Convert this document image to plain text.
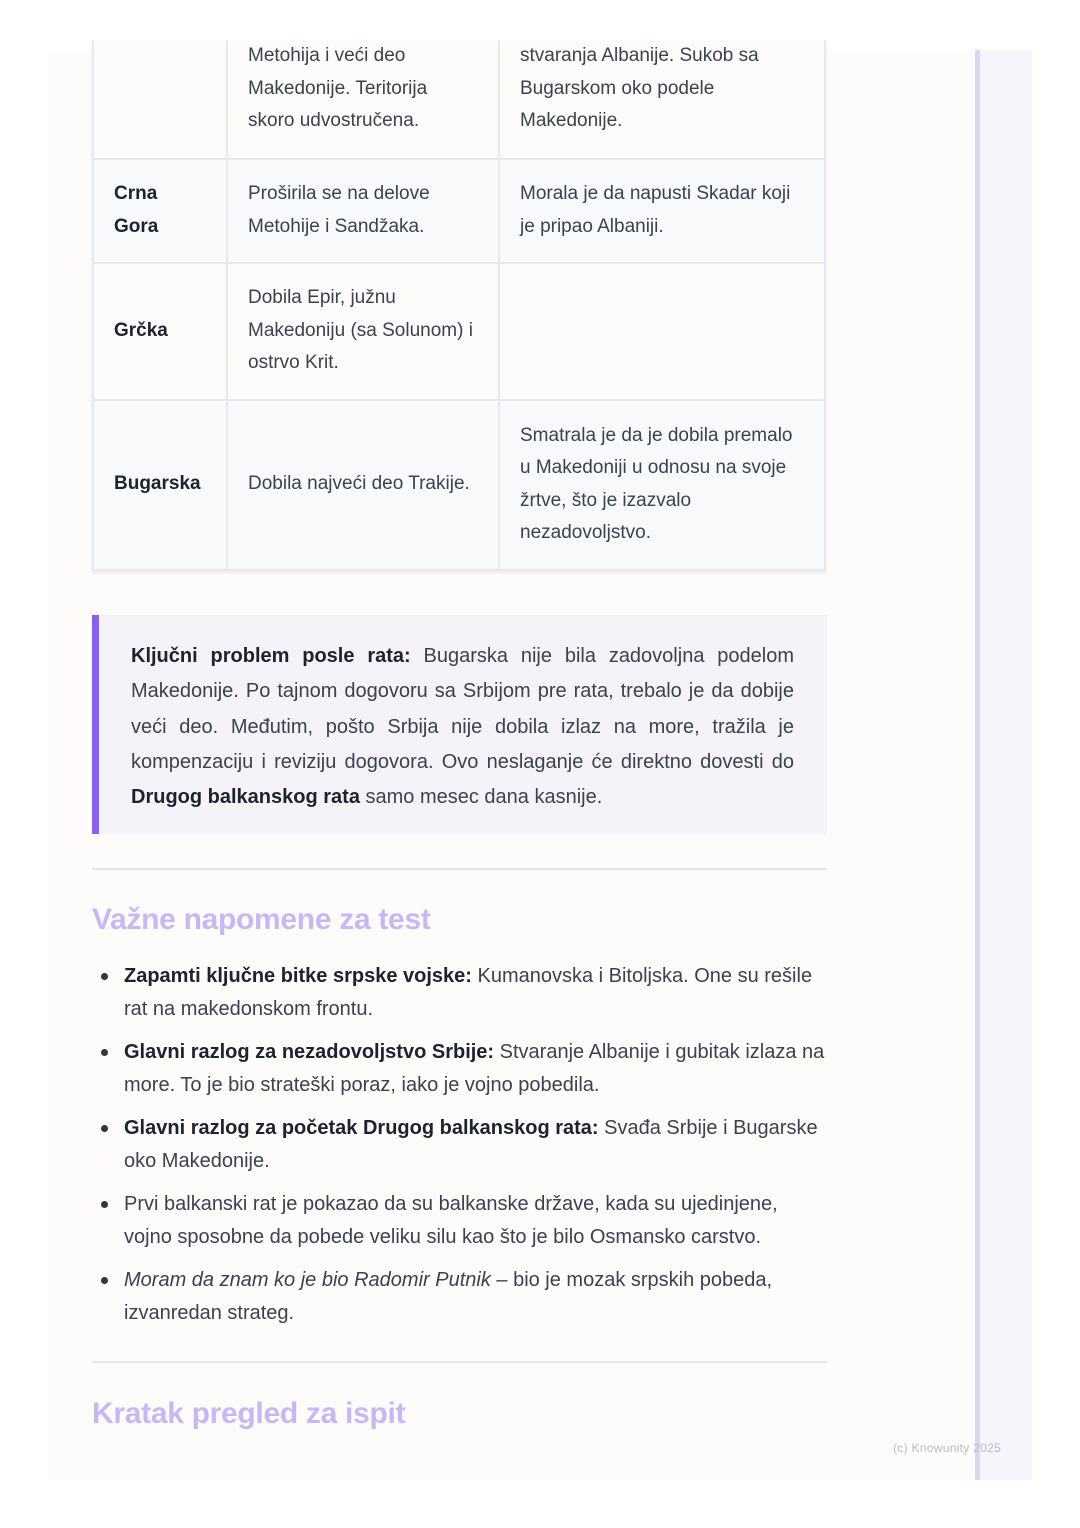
	Metohija i veći deo Makedonije. Teritorija skoro udvostručena.	stvaranja Albanije. Sukob sa Bugarskom oko podele Makedonije.
Crna Gora	Proširila se na delove Metohije i Sandžaka.	Morala je da napusti Skadar koji je pripao Albaniji.
Grčka	Dobila Epir, južnu Makedoniju (sa Solunom) i ostrvo Krit.	
Bugarska	Dobila najveći deo Trakije.	Smatrala je da je dobila premalo u Makedoniji u odnosu na svoje žrtve, što je izazvalo nezadovoljstvo.
Ključni problem posle rata: Bugarska nije bila zadovoljna podelom Makedonije. Po tajnom dogovoru sa Srbijom pre rata, trebalo je da dobije veći deo. Međutim, pošto Srbija nije dobila izlaz na more, tražila je kompenzaciju i reviziju dogovora. Ovo neslaganje će direktno dovesti do Drugog balkanskog rata samo mesec dana kasnije.
Važne napomene za test
Zapamti ključne bitke srpske vojske: Kumanovska i Bitoljska. One su rešile rat na makedonskom frontu.
Glavni razlog za nezadovoljstvo Srbije: Stvaranje Albanije i gubitak izlaza na more. To je bio strateški poraz, iako je vojno pobedila.
Glavni razlog za početak Drugog balkanskog rata: Svađa Srbije i Bugarske oko Makedonije.
Prvi balkanski rat je pokazao da su balkanske države, kada su ujedinjene, vojno sposobne da pobede veliku silu kao što je bilo Osmansko carstvo.
Moram da znam ko je bio Radomir Putnik – bio je mozak srpskih pobeda, izvanredan strateg.
Kratak pregled za ispit
(c) Knowunity 2025
